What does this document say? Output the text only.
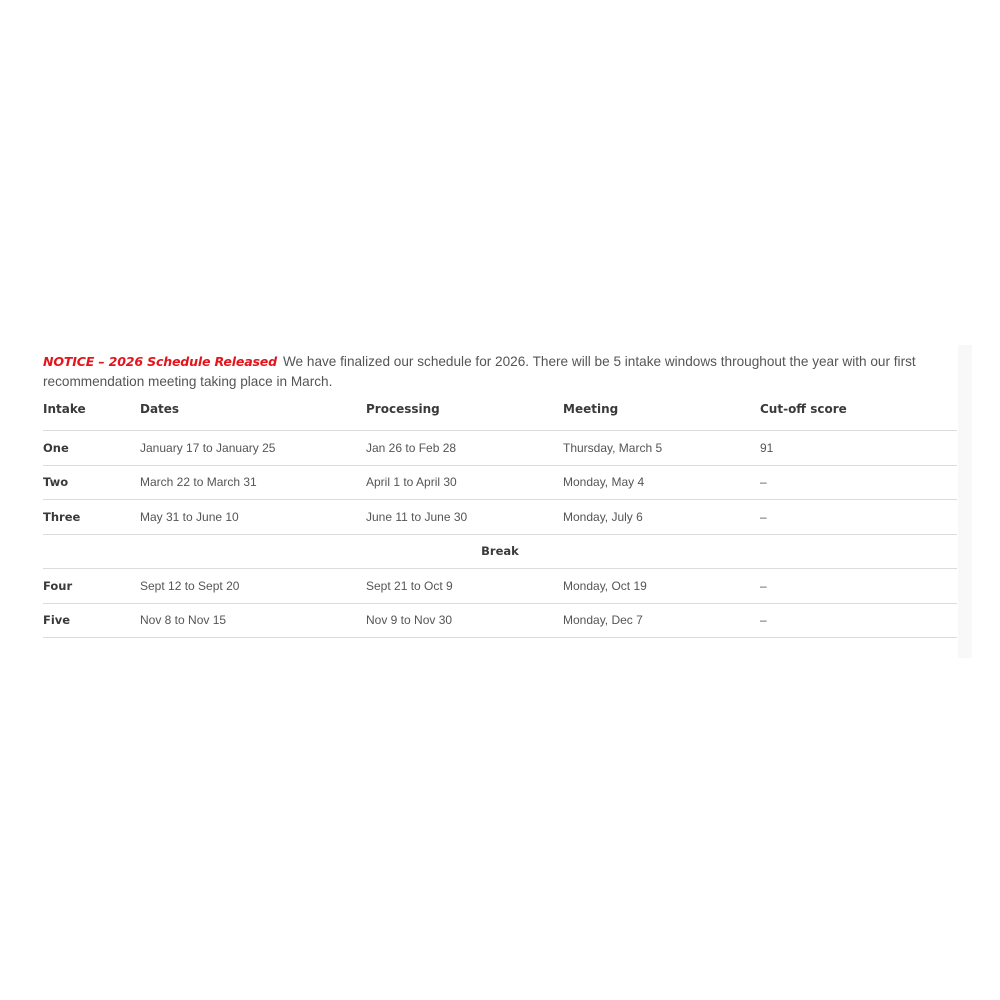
NOTICE – 2026 Schedule Released We have finalized our schedule for 2026. There will be 5 intake windows throughout the year with our first recommendation meeting taking place in March.

Intake	Dates	Processing	Meeting	Cut-off score
One	January 17 to January 25	Jan 26 to Feb 28	Thursday, March 5	91
Two	March 22 to March 31	April 1 to April 30	Monday, May 4	–
Three	May 31 to June 10	June 11 to June 30	Monday, July 6	–
Break				
Four	Sept 12 to Sept 20	Sept 21 to Oct 9	Monday, Oct 19	–
Five	Nov 8 to Nov 15	Nov 9 to Nov 30	Monday, Dec 7	–
